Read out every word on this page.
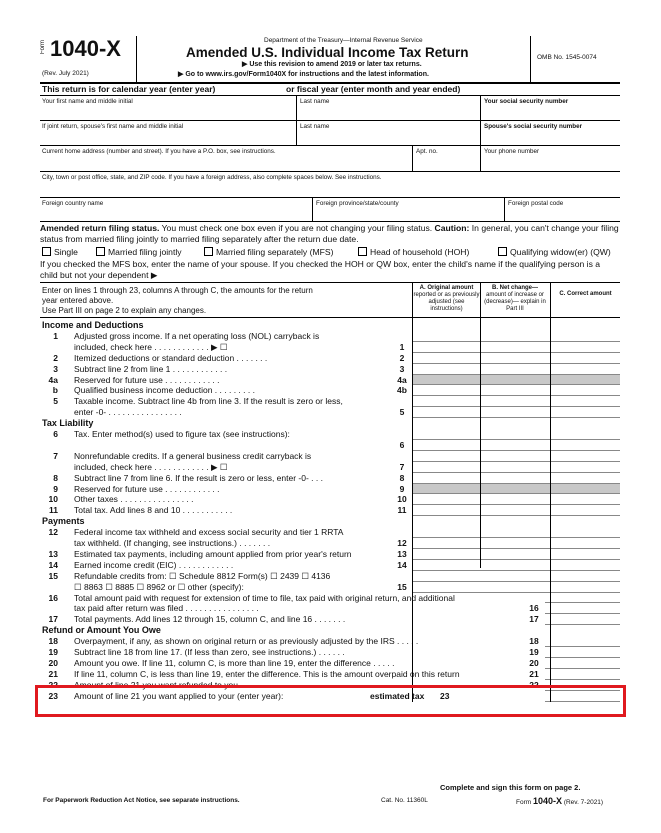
Form 1040-X
(Rev. July 2021)
Department of the Treasury—Internal Revenue Service
Amended U.S. Individual Income Tax Return
▶ Use this revision to amend 2019 or later tax returns.
▶ Go to www.irs.gov/Form1040X for instructions and the latest information.
OMB No. 1545-0074
This return is for calendar year (enter year)	or fiscal year (enter month and year ended)
Your first name and middle initial	Last name	Your social security number
If joint return, spouse's first name and middle initial	Last name	Spouse's social security number
Current home address (number and street). If you have a P.O. box, see instructions.	Apt. no.	Your phone number
City, town or post office, state, and ZIP code. If you have a foreign address, also complete spaces below. See instructions.
Foreign country name	Foreign province/state/county	Foreign postal code
Amended return filing status. You must check one box even if you are not changing your filing status. Caution: In general, you can't change your filing status from married filing jointly to married filing separately after the return due date.
Single	Married filing jointly	Married filing separately (MFS)	Head of household (HOH)	Qualifying widow(er) (QW)
If you checked the MFS box, enter the name of your spouse. If you checked the HOH or QW box, enter the child's name if the qualifying person is a child but not your dependent ▶
Enter on lines 1 through 23, columns A through C, the amounts for the return
year entered above.
Use Part III on page 2 to explain any changes.
A. Original amount
reported or as previously adjusted (see instructions)
B. Net change—
amount of increase or (decrease)— explain in Part III
C. Correct amount
Income and Deductions
1 Adjusted gross income. If a net operating loss (NOL) carryback is
included, check here . . . . . . . . . . . . ▶ ☐	1
2 Itemized deductions or standard deduction . . . . . . .	2
3 Subtract line 2 from line 1 . . . . . . . . . . . .	3
4a Reserved for future use . . . . . . . . . . . .	4a
b Qualified business income deduction . . . . . . . . .	4b
5 Taxable income. Subtract line 4b from line 3. If the result is zero or less,
enter -0- . . . . . . . . . . . . . . . .	5
Tax Liability
6 Tax. Enter method(s) used to figure tax (see instructions):
6
7 Nonrefundable credits. If a general business credit carryback is
included, check here . . . . . . . . . . . . ▶ ☐	7
8 Subtract line 7 from line 6. If the result is zero or less, enter -0- . . .	8
9 Reserved for future use . . . . . . . . . . . .	9
10 Other taxes . . . . . . . . . . . . . . . .	10
11 Total tax. Add lines 8 and 10 . . . . . . . . . . .	11
Payments
12 Federal income tax withheld and excess social security and tier 1 RRTA
tax withheld. (If changing, see instructions.) . . . . . . .	12
13 Estimated tax payments, including amount applied from prior year's return	13
14 Earned income credit (EIC) . . . . . . . . . . . .	14
15 Refundable credits from: ☐ Schedule 8812 Form(s) ☐ 2439 ☐ 4136
☐ 8863 ☐ 8885 ☐ 8962 or ☐ other (specify):	15
16 Total amount paid with request for extension of time to file, tax paid with original return, and additional
tax paid after return was filed . . . . . . . . . . . . . . . .	16
17 Total payments. Add lines 12 through 15, column C, and line 16 . . . . . . .	17
Refund or Amount You Owe
18 Overpayment, if any, as shown on original return or as previously adjusted by the IRS . . . . .	18
19 Subtract line 18 from line 17. (If less than zero, see instructions.) . . . . . .	19
20 Amount you owe. If line 11, column C, is more than line 19, enter the difference . . . . .	20
21 If line 11, column C, is less than line 19, enter the difference. This is the amount overpaid on this return	21
22 Amount of line 21 you want refunded to you . . . . . . . . . . . .	22
23 Amount of line 21 you want applied to your (enter year):	estimated tax 23
Complete and sign this form on page 2.
For Paperwork Reduction Act Notice, see separate instructions.	Cat. No. 11360L	Form 1040-X (Rev. 7-2021)
